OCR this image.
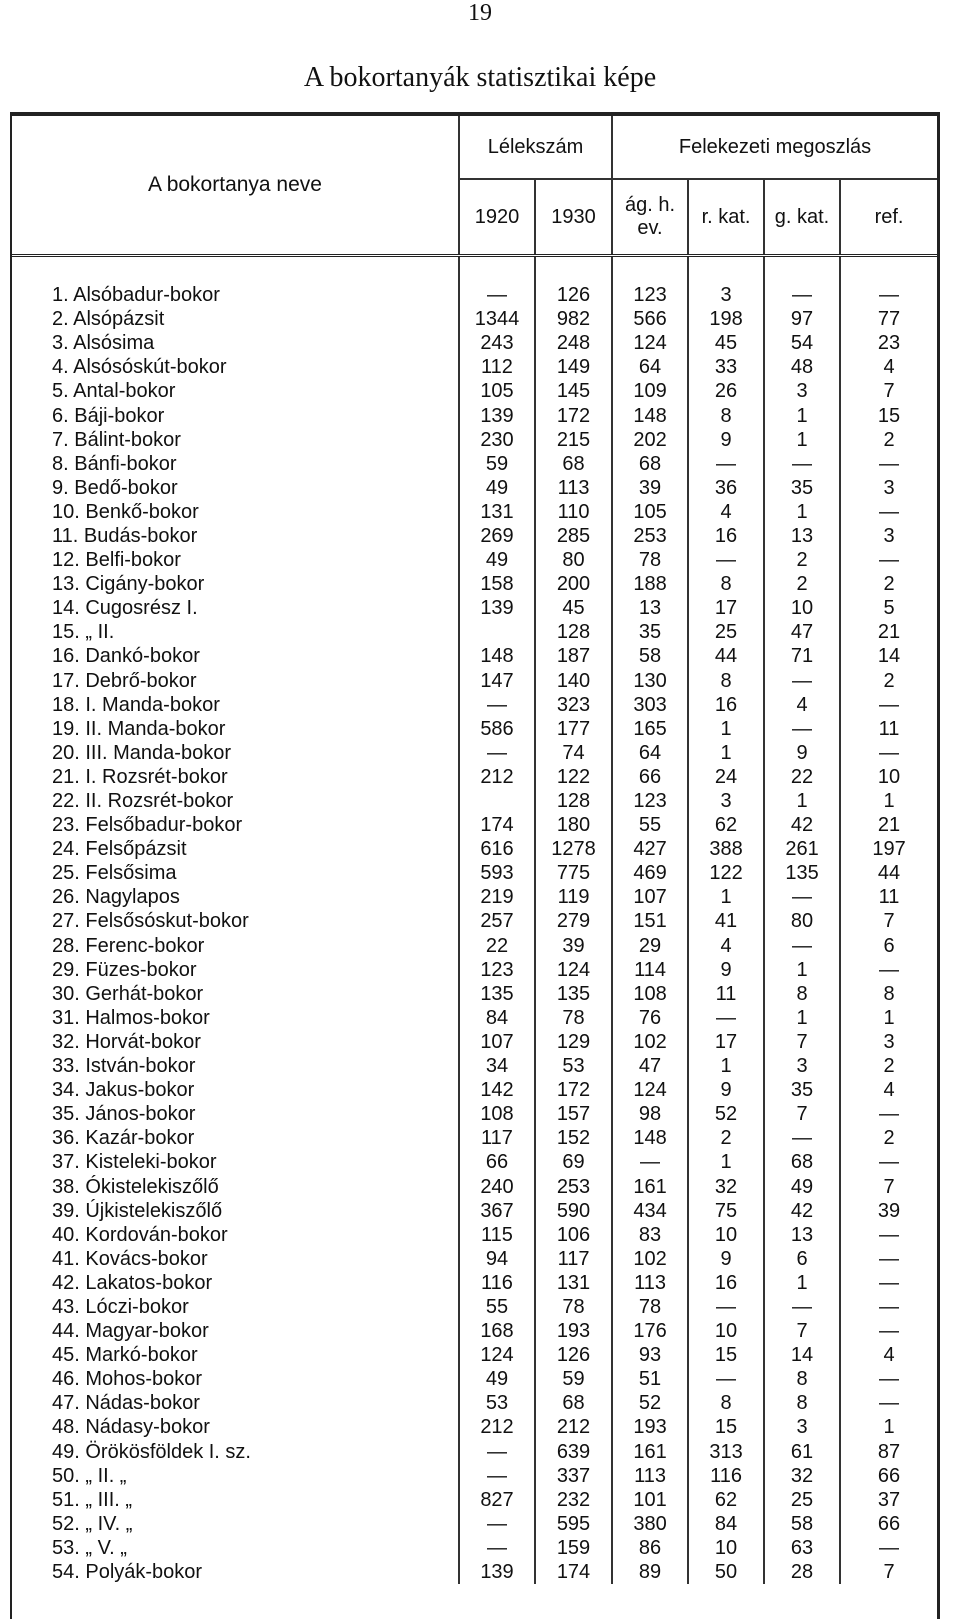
19
A bokortanyák statisztikai képe
A bokortanya neve	Lélekszám		Felekezeti megoszlás			
	1920	1930	ág. h. ev.	r. kat.	g. kat.	ref.
1. Alsóbadur-bokor	—	126	123	3	—	—
2. Alsópázsit	1344	982	566	198	97	77
3. Alsósima	243	248	124	45	54	23
4. Alsósóskút-bokor	112	149	64	33	48	4
5. Antal-bokor	105	145	109	26	3	7
6. Báji-bokor	139	172	148	8	1	15
7. Bálint-bokor	230	215	202	9	1	2
8. Bánfi-bokor	59	68	68	—	—	—
9. Bedő-bokor	49	113	39	36	35	3
10. Benkő-bokor	131	110	105	4	1	—
11. Budás-bokor	269	285	253	16	13	3
12. Belfi-bokor	49	80	78	—	2	—
13. Cigány-bokor	158	200	188	8	2	2
14. Cugosrész I.	139	45	13	17	10	5
15. „ II.		128	35	25	47	21
16. Dankó-bokor	148	187	58	44	71	14
17. Debrő-bokor	147	140	130	8	—	2
18. I. Manda-bokor	—	323	303	16	4	—
19. II. Manda-bokor	586	177	165	1	—	11
20. III. Manda-bokor	—	74	64	1	9	—
21. I. Rozsrét-bokor	212	122	66	24	22	10
22. II. Rozsrét-bokor		128	123	3	1	1
23. Felsőbadur-bokor	174	180	55	62	42	21
24. Felsőpázsit	616	1278	427	388	261	197
25. Felsősima	593	775	469	122	135	44
26. Nagylapos	219	119	107	1	—	11
27. Felsősóskut-bokor	257	279	151	41	80	7
28. Ferenc-bokor	22	39	29	4	—	6
29. Füzes-bokor	123	124	114	9	1	—
30. Gerhát-bokor	135	135	108	11	8	8
31. Halmos-bokor	84	78	76	—	1	1
32. Horvát-bokor	107	129	102	17	7	3
33. István-bokor	34	53	47	1	3	2
34. Jakus-bokor	142	172	124	9	35	4
35. János-bokor	108	157	98	52	7	—
36. Kazár-bokor	117	152	148	2	—	2
37. Kisteleki-bokor	66	69	—	1	68	—
38. Ókistelekiszőlő	240	253	161	32	49	7
39. Újkistelekiszőlő	367	590	434	75	42	39
40. Kordován-bokor	115	106	83	10	13	—
41. Kovács-bokor	94	117	102	9	6	—
42. Lakatos-bokor	116	131	113	16	1	—
43. Lóczi-bokor	55	78	78	—	—	—
44. Magyar-bokor	168	193	176	10	7	—
45. Markó-bokor	124	126	93	15	14	4
46. Mohos-bokor	49	59	51	—	8	—
47. Nádas-bokor	53	68	52	8	8	—
48. Nádasy-bokor	212	212	193	15	3	1
49. Örökösföldek I. sz.	—	639	161	313	61	87
50. „ II. „	—	337	113	116	32	66
51. „ III. „	827	232	101	62	25	37
52. „ IV. „	—	595	380	84	58	66
53. „ V. „	—	159	86	10	63	—
54. Polyák-bokor	139	174	89	50	28	7
